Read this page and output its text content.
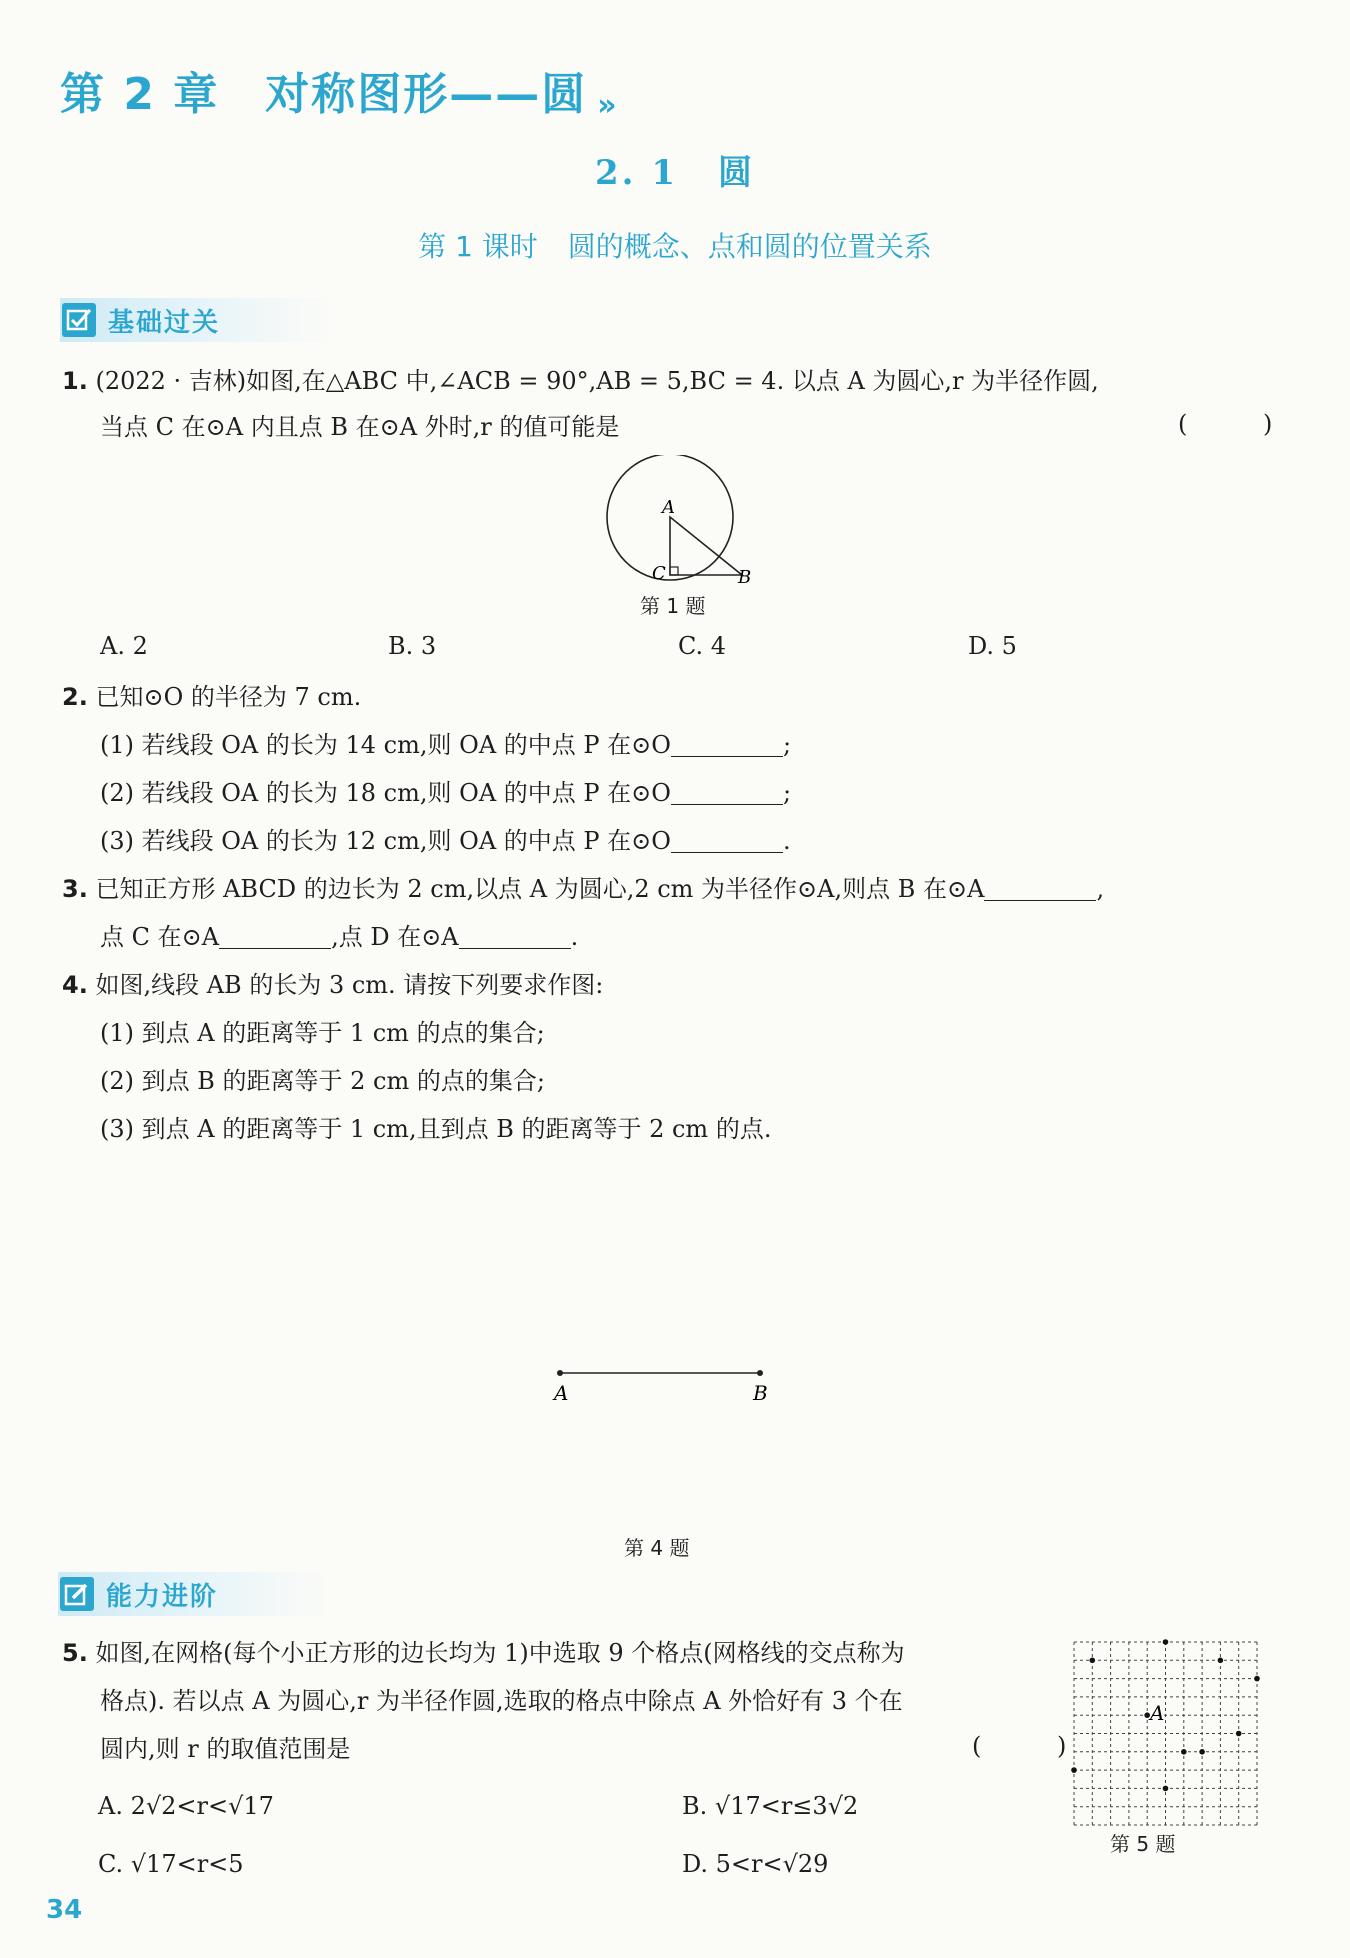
第 2 章 对称图形——圆 »
2. 1 圆
第 1 课时 圆的概念、点和圆的位置关系
基础过关
1. (2022 · 吉林)如图,在△ABC 中,∠ACB = 90°,AB = 5,BC = 4. 以点 A 为圆心,r 为半径作圆,
当点 C 在⊙A 内且点 B 在⊙A 外时,r 的值可能是	( )
A
C	B
第 1 题
A. 2	B. 3	C. 4	D. 5
2. 已知⊙O 的半径为 7 cm.
(1) 若线段 OA 的长为 14 cm,则 OA 的中点 P 在⊙O	;
(2) 若线段 OA 的长为 18 cm,则 OA 的中点 P 在⊙O	;
(3) 若线段 OA 的长为 12 cm,则 OA 的中点 P 在⊙O	.
3. 已知正方形 ABCD 的边长为 2 cm,以点 A 为圆心,2 cm 为半径作⊙A,则点 B 在⊙A	,
点 C 在⊙A	,点 D 在⊙A	.
4. 如图,线段 AB 的长为 3 cm. 请按下列要求作图:
(1) 到点 A 的距离等于 1 cm 的点的集合;
(2) 到点 B 的距离等于 2 cm 的点的集合;
(3) 到点 A 的距离等于 1 cm,且到点 B 的距离等于 2 cm 的点.
A	B
第 4 题
能力进阶
5. 如图,在网格(每个小正方形的边长均为 1)中选取 9 个格点(网格线的交点称为
格点). 若以点 A 为圆心,r 为半径作圆,选取的格点中除点 A 外恰好有 3 个在
圆内,则 r 的取值范围是	( )
A. 2√2<r<√17	B. √17<r≤3√2
C. √17<r<5	D. 5<r<√29
A
第 5 题
34
